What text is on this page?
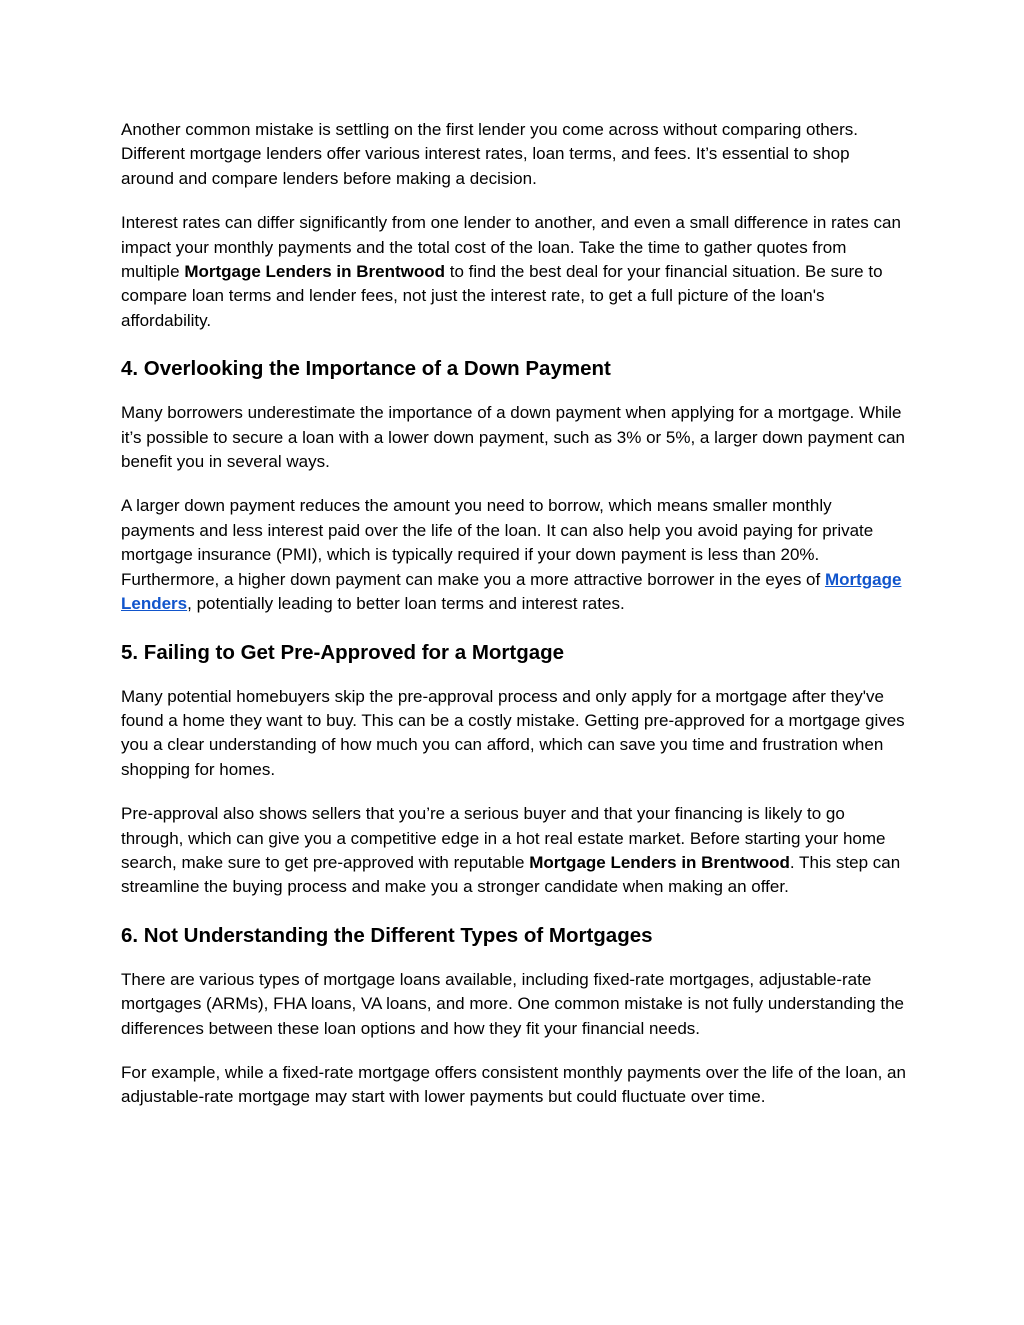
Another common mistake is settling on the first lender you come across without comparing others. Different mortgage lenders offer various interest rates, loan terms, and fees. It’s essential to shop around and compare lenders before making a decision.

Interest rates can differ significantly from one lender to another, and even a small difference in rates can impact your monthly payments and the total cost of the loan. Take the time to gather quotes from multiple Mortgage Lenders in Brentwood to find the best deal for your financial situation. Be sure to compare loan terms and lender fees, not just the interest rate, to get a full picture of the loan's affordability.

4. Overlooking the Importance of a Down Payment

Many borrowers underestimate the importance of a down payment when applying for a mortgage. While it’s possible to secure a loan with a lower down payment, such as 3% or 5%, a larger down payment can benefit you in several ways.

A larger down payment reduces the amount you need to borrow, which means smaller monthly payments and less interest paid over the life of the loan. It can also help you avoid paying for private mortgage insurance (PMI), which is typically required if your down payment is less than 20%. Furthermore, a higher down payment can make you a more attractive borrower in the eyes of Mortgage Lenders, potentially leading to better loan terms and interest rates.

5. Failing to Get Pre-Approved for a Mortgage

Many potential homebuyers skip the pre-approval process and only apply for a mortgage after they've found a home they want to buy. This can be a costly mistake. Getting pre-approved for a mortgage gives you a clear understanding of how much you can afford, which can save you time and frustration when shopping for homes.

Pre-approval also shows sellers that you’re a serious buyer and that your financing is likely to go through, which can give you a competitive edge in a hot real estate market. Before starting your home search, make sure to get pre-approved with reputable Mortgage Lenders in Brentwood. This step can streamline the buying process and make you a stronger candidate when making an offer.

6. Not Understanding the Different Types of Mortgages

There are various types of mortgage loans available, including fixed-rate mortgages, adjustable-rate mortgages (ARMs), FHA loans, VA loans, and more. One common mistake is not fully understanding the differences between these loan options and how they fit your financial needs.

For example, while a fixed-rate mortgage offers consistent monthly payments over the life of the loan, an adjustable-rate mortgage may start with lower payments but could fluctuate over time.
